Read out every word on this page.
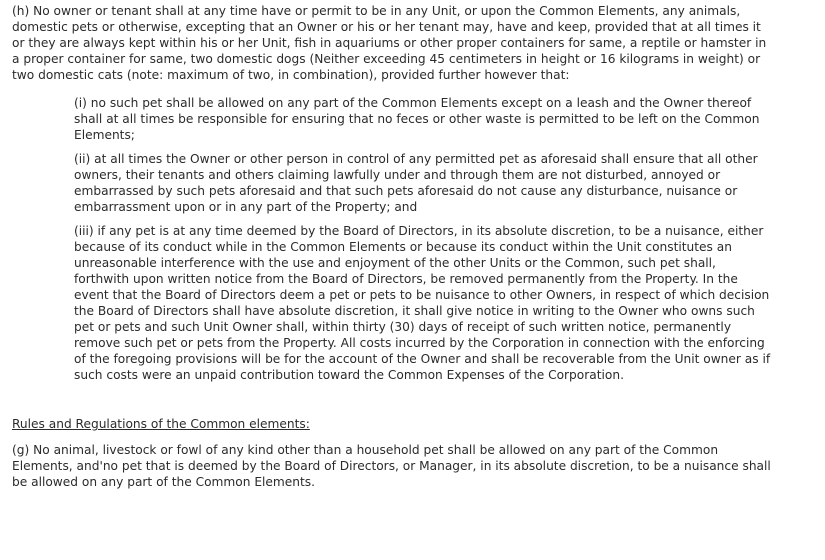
(h) No owner or tenant shall at any time have or permit to be in any Unit, or upon the Common Elements, any animals, domestic pets or otherwise, excepting that an Owner or his or her tenant may, have and keep, provided that at all times it or they are always kept within his or her Unit, fish in aquariums or other proper containers for same, a reptile or hamster in a proper container for same, two domestic dogs (Neither exceeding 45 centimeters in height or 16 kilograms in weight) or two domestic cats (note: maximum of two, in combination), provided further however that:

(i) no such pet shall be allowed on any part of the Common Elements except on a leash and the Owner thereof shall at all times be responsible for ensuring that no feces or other waste is permitted to be left on the Common Elements;

(ii) at all times the Owner or other person in control of any permitted pet as aforesaid shall ensure that all other owners, their tenants and others claiming lawfully under and through them are not disturbed, annoyed or embarrassed by such pets aforesaid and that such pets aforesaid do not cause any disturbance, nuisance or embarrassment upon or in any part of the Property; and

(iii) if any pet is at any time deemed by the Board of Directors, in its absolute discretion, to be a nuisance, either because of its conduct while in the Common Elements or because its conduct within the Unit constitutes an unreasonable interference with the use and enjoyment of the other Units or the Common, such pet shall, forthwith upon written notice from the Board of Directors, be removed permanently from the Property. In the event that the Board of Directors deem a pet or pets to be nuisance to other Owners, in respect of which decision the Board of Directors shall have absolute discretion, it shall give notice in writing to the Owner who owns such pet or pets and such Unit Owner shall, within thirty (30) days of receipt of such written notice, permanently remove such pet or pets from the Property. All costs incurred by the Corporation in connection with the enforcing of the foregoing provisions will be for the account of the Owner and shall be recoverable from the Unit owner as if such costs were an unpaid contribution toward the Common Expenses of the Corporation.

Rules and Regulations of the Common elements:

(g) No animal, livestock or fowl of any kind other than a household pet shall be allowed on any part of the Common Elements, and'no pet that is deemed by the Board of Directors, or Manager, in its absolute discretion, to be a nuisance shall be allowed on any part of the Common Elements.
